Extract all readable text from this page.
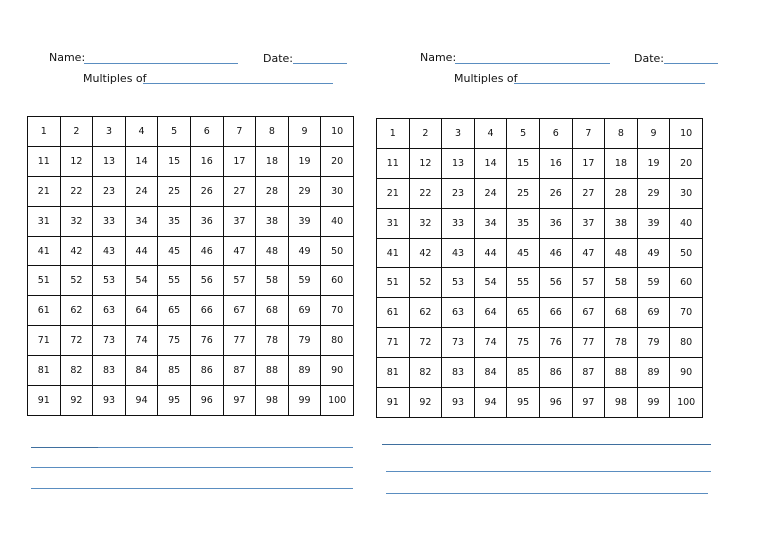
Name:	Date:
Multiples of
1	2	3	4	5	6	7	8	9	10
11	12	13	14	15	16	17	18	19	20
21	22	23	24	25	26	27	28	29	30
31	32	33	34	35	36	37	38	39	40
41	42	43	44	45	46	47	48	49	50
51	52	53	54	55	56	57	58	59	60
61	62	63	64	65	66	67	68	69	70
71	72	73	74	75	76	77	78	79	80
81	82	83	84	85	86	87	88	89	90
91	92	93	94	95	96	97	98	99	100
Name:	Date:
Multiples of
1	2	3	4	5	6	7	8	9	10
11	12	13	14	15	16	17	18	19	20
21	22	23	24	25	26	27	28	29	30
31	32	33	34	35	36	37	38	39	40
41	42	43	44	45	46	47	48	49	50
51	52	53	54	55	56	57	58	59	60
61	62	63	64	65	66	67	68	69	70
71	72	73	74	75	76	77	78	79	80
81	82	83	84	85	86	87	88	89	90
91	92	93	94	95	96	97	98	99	100
